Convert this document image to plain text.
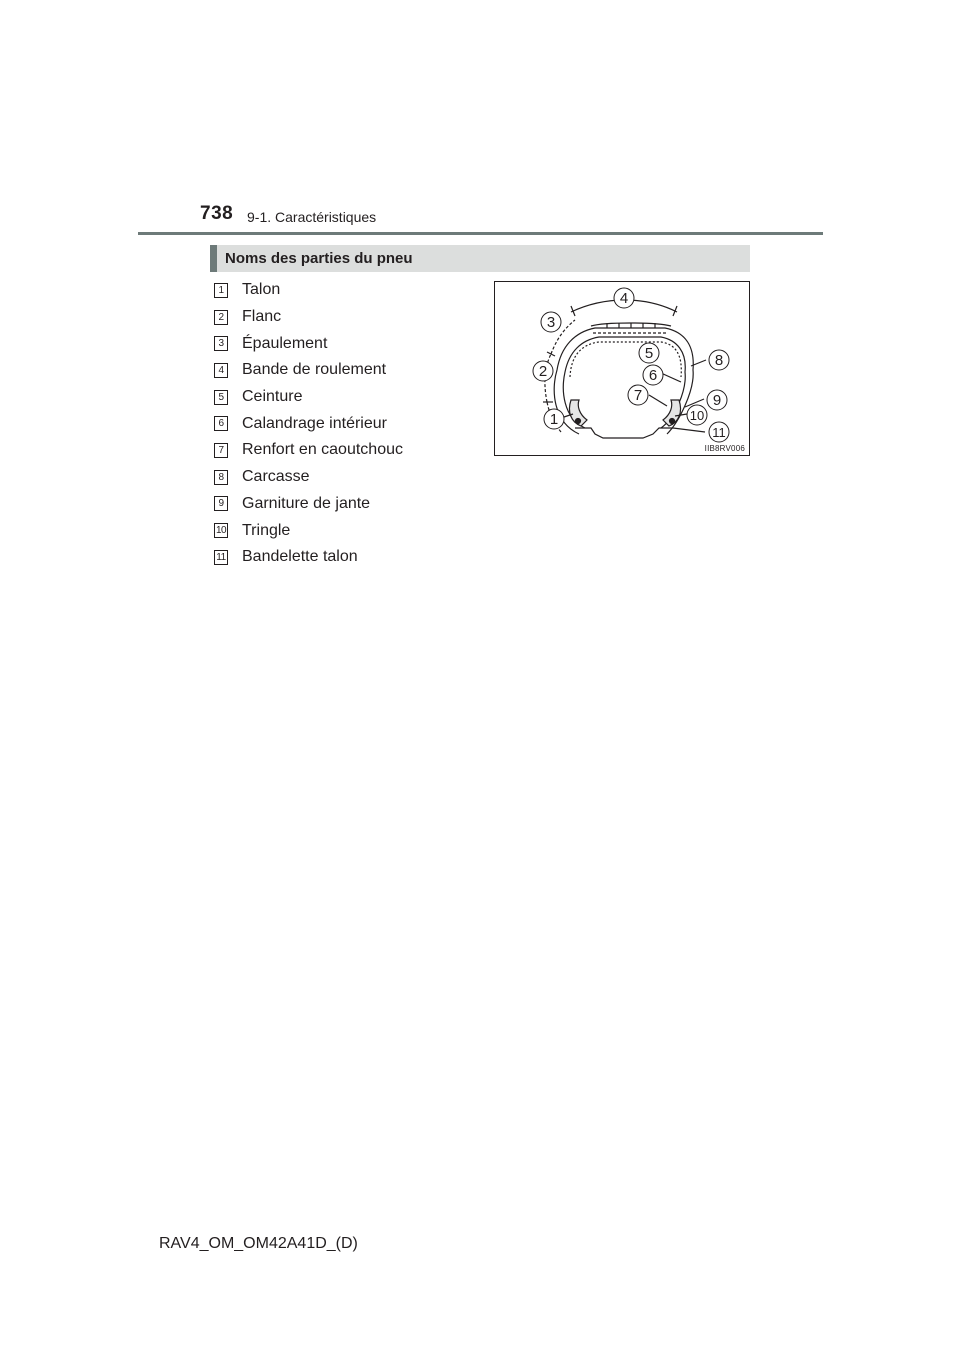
738 9-1. Caractéristiques
Noms des parties du pneu
1 Talon
2 Flanc
3 Épaulement
4 Bande de roulement
5 Ceinture
6 Calandrage intérieur
7 Renfort en caoutchouc
8 Carcasse
9 Garniture de jante
10 Tringle
11 Bandelette talon
4
3
5	8
2	6
7	9
10
1
11
IIB8RV006
RAV4_OM_OM42A41D_(D)
